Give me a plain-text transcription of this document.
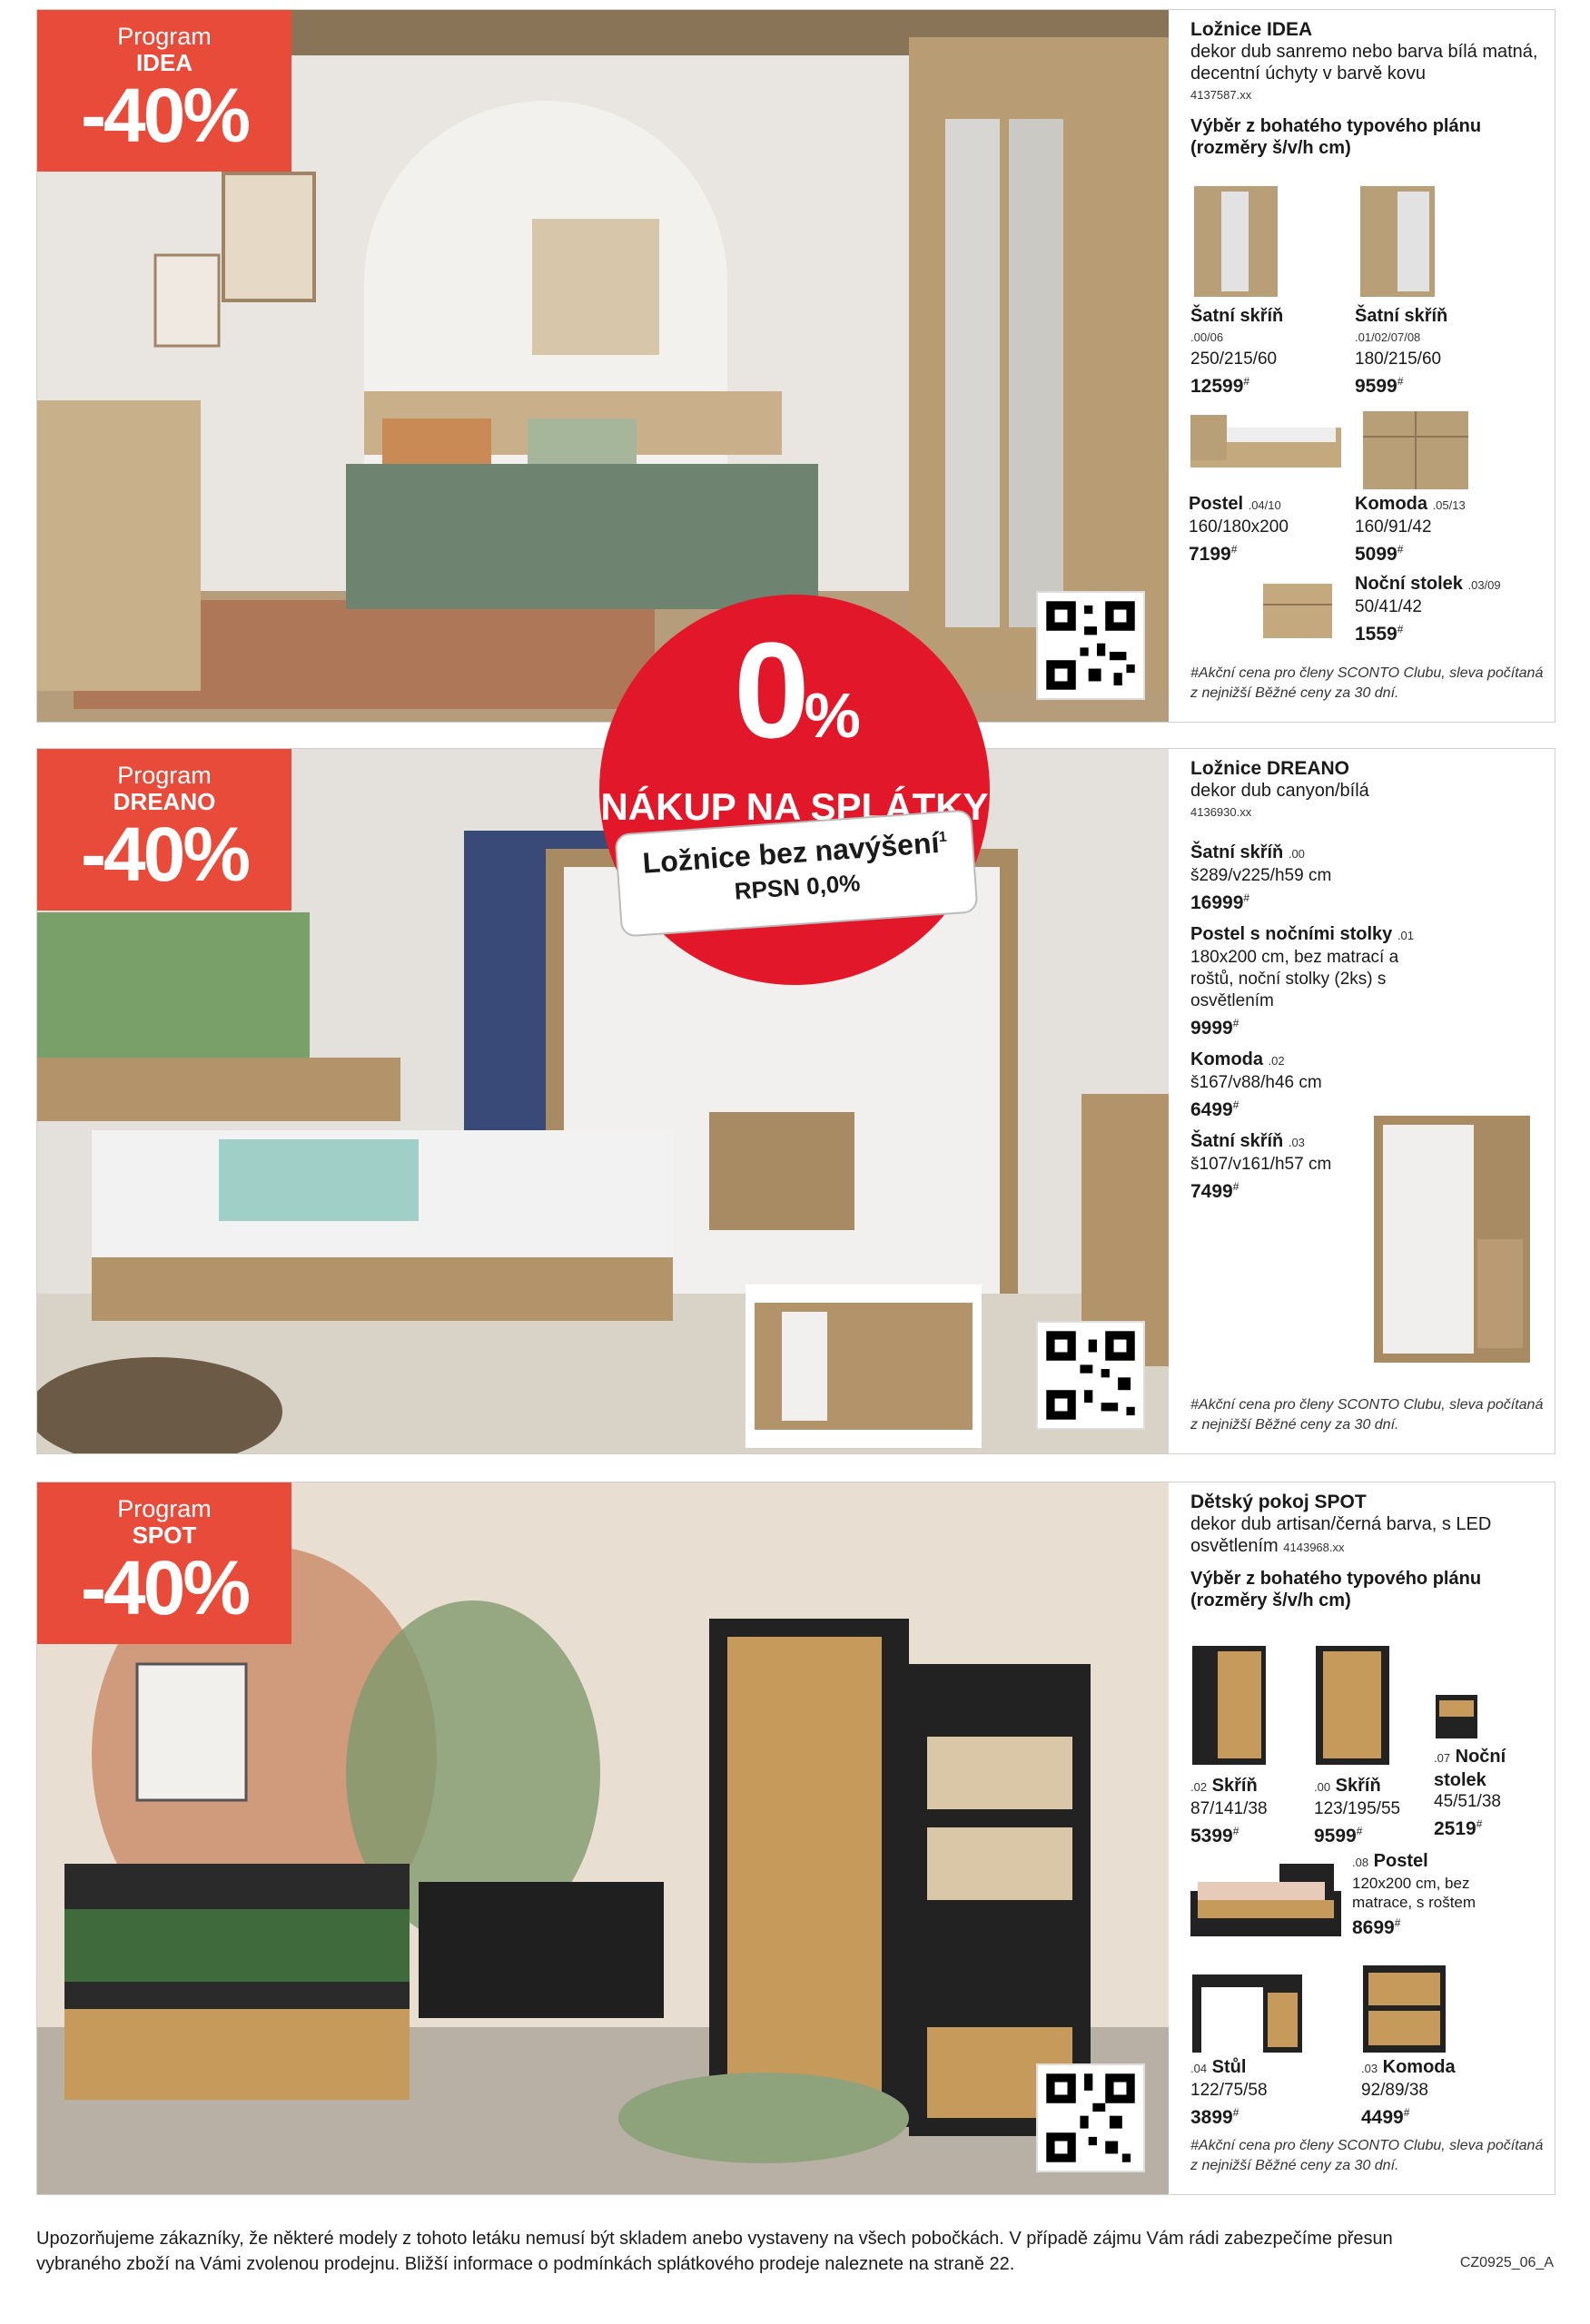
Program
IDEA
-40%
Ložnice IDEA
dekor dub sanremo nebo barva bílá matná, decentní úchyty v barvě kovu
4137587.xx
Výběr z bohatého typového plánu (rozměry š/v/h cm)
Šatní skříň
.00/06
250/215/60
12599#
Šatní skříň
.01/02/07/08
180/215/60
9599#
Postel .04/10
160/180x200
7199#
Komoda .05/13
160/91/42
5099#
Noční stolek .03/09
50/41/42
1559#
#Akční cena pro členy SCONTO Clubu, sleva počítaná z nejnižší Běžné ceny za 30 dní.
0%
NÁKUP NA SPLÁTKY
Ložnice bez navýšení$^1$
RPSN 0,0%
Program
DREANO
-40%
Ložnice DREANO
dekor dub canyon/bílá
4136930.xx
Šatní skříň .00
š289/v225/h59 cm
16999#
Postel s nočními stolky .01
180x200 cm, bez matrací a roštů, noční stolky (2ks) s osvětlením
9999#
Komoda .02
š167/v88/h46 cm
6499#
Šatní skříň .03
š107/v161/h57 cm
7499#
#Akční cena pro členy SCONTO Clubu, sleva počítaná z nejnižší Běžné ceny za 30 dní.
Program
SPOT
-40%
Dětský pokoj SPOT
dekor dub artisan/černá barva, s LED osvětlením 4143968.xx
Výběr z bohatého typového plánu (rozměry š/v/h cm)
.02 Skříň
87/141/38
5399#
.00 Skříň
123/195/55
9599#
.07 Noční stolek
45/51/38
2519#
.08 Postel
120x200 cm, bez matrace, s roštem
8699#
.04 Stůl
122/75/58
3899#
.03 Komoda
92/89/38
4499#
#Akční cena pro členy SCONTO Clubu, sleva počítaná z nejnižší Běžné ceny za 30 dní.
Upozorňujeme zákazníky, že některé modely z tohoto letáku nemusí být skladem anebo vystaveny na všech pobočkách. V případě zájmu Vám rádi zabezpečíme přesun vybraného zboží na Vámi zvolenou prodejnu. Bližší informace o podmínkách splátkového prodeje naleznete na straně 22.	CZ0925_06_A
